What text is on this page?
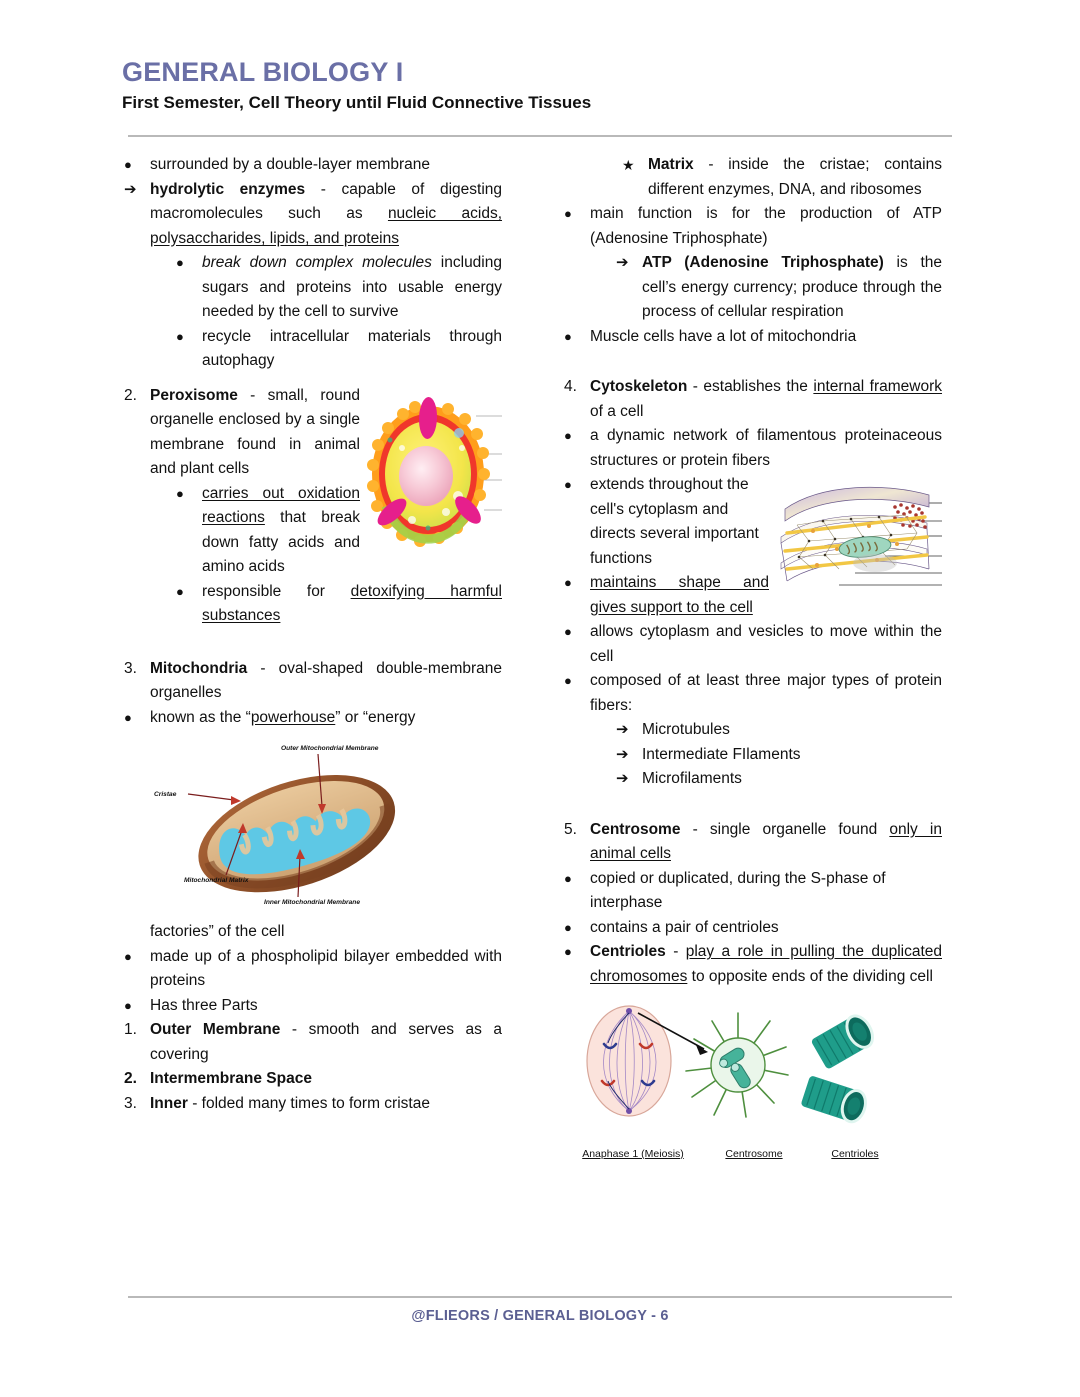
GENERAL BIOLOGY I
First Semester, Cell Theory until Fluid Connective Tissues
●	surrounded by a double-layer membrane
➔ hydrolytic enzymes - capable of digesting macromolecules such as nucleic acids, polysaccharides, lipids, and proteins
●	break down complex molecules including sugars and proteins into usable energy needed by the cell to survive
●	recycle intracellular materials through autophagy
2. Peroxisome - small, round organelle enclosed by a single membrane found in animal and plant cells
●	carries out oxidation reactions that break down fatty acids and amino acids
●	responsible for detoxifying harmful substances
3. Mitochondria - oval-shaped double-membrane organelles
●	known as the “powerhouse” or “energy
Outer Mitochondrial Membrane
Cristae
Mitochondrial Matrix
Inner Mitochondrial Membrane
factories” of the cell
●	made up of a phospholipid bilayer embedded with proteins
●	Has three Parts
1. Outer Membrane - smooth and serves as a covering
2. Intermembrane Space
3. Inner - folded many times to form cristae
★ Matrix - inside the cristae; contains different enzymes, DNA, and ribosomes
●	main function is for the production of ATP (Adenosine Triphosphate)
➔ ATP (Adenosine Triphosphate) is the cell’s energy currency; produce through the process of cellular respiration
●	Muscle cells have a lot of mitochondria
4. Cytoskeleton - establishes the internal framework of a cell
●	a dynamic network of filamentous proteinaceous structures or protein fibers
●	extends throughout the cell's cytoplasm and directs several important functions
●	maintains shape and gives support to the cell
●	allows cytoplasm and vesicles to move within the cell
●	composed of at least three major types of protein fibers:
➔ Microtubules
➔ Intermediate FIlaments
➔ Microfilaments
5. Centrosome - single organelle found only in animal cells
●	copied or duplicated, during the S-phase of interphase
●	contains a pair of centrioles
●	Centrioles - play a role in pulling the duplicated chromosomes to opposite ends of the dividing cell
Anaphase 1 (Meiosis)	Centrosome	Centrioles
@FLIEORS / GENERAL BIOLOGY - 6
